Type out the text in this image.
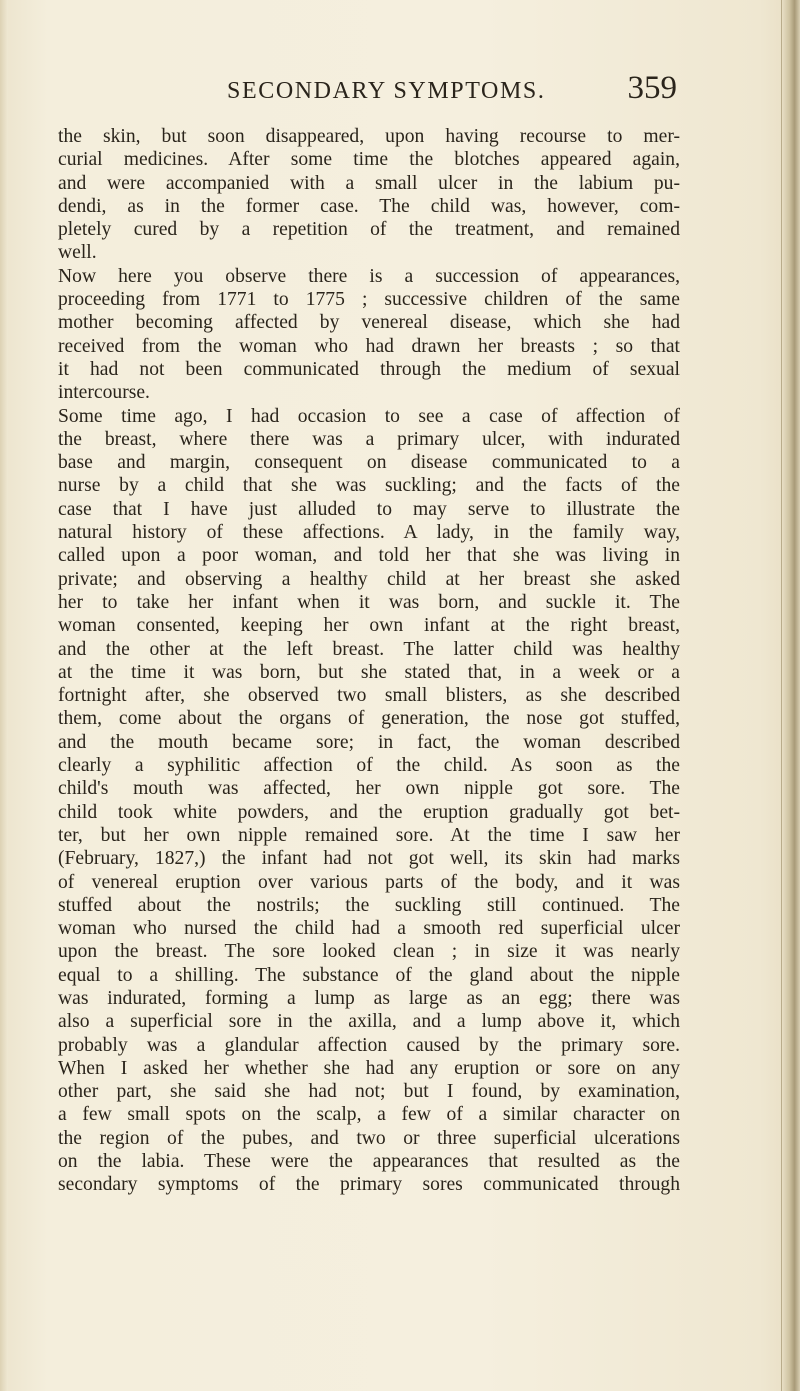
SECONDARY SYMPTOMS. 359
the skin, but soon disappeared, upon having recourse to mer-
curial medicines. After some time the blotches appeared again,
and were accompanied with a small ulcer in the labium pu-
dendi, as in the former case. The child was, however, com-
pletely cured by a repetition of the treatment, and remained
well.
Now here you observe there is a succession of appearances,
proceeding from 1771 to 1775 ; successive children of the same
mother becoming affected by venereal disease, which she had
received from the woman who had drawn her breasts ; so that
it had not been communicated through the medium of sexual
intercourse.
Some time ago, I had occasion to see a case of affection of
the breast, where there was a primary ulcer, with indurated
base and margin, consequent on disease communicated to a
nurse by a child that she was suckling; and the facts of the
case that I have just alluded to may serve to illustrate the
natural history of these affections. A lady, in the family way,
called upon a poor woman, and told her that she was living in
private; and observing a healthy child at her breast she asked
her to take her infant when it was born, and suckle it. The
woman consented, keeping her own infant at the right breast,
and the other at the left breast. The latter child was healthy
at the time it was born, but she stated that, in a week or a
fortnight after, she observed two small blisters, as she described
them, come about the organs of generation, the nose got stuffed,
and the mouth became sore; in fact, the woman described
clearly a syphilitic affection of the child. As soon as the
child's mouth was affected, her own nipple got sore. The
child took white powders, and the eruption gradually got bet-
ter, but her own nipple remained sore. At the time I saw her
(February, 1827,) the infant had not got well, its skin had marks
of venereal eruption over various parts of the body, and it was
stuffed about the nostrils; the suckling still continued. The
woman who nursed the child had a smooth red superficial ulcer
upon the breast. The sore looked clean ; in size it was nearly
equal to a shilling. The substance of the gland about the nipple
was indurated, forming a lump as large as an egg; there was
also a superficial sore in the axilla, and a lump above it, which
probably was a glandular affection caused by the primary sore.
When I asked her whether she had any eruption or sore on any
other part, she said she had not; but I found, by examination,
a few small spots on the scalp, a few of a similar character on
the region of the pubes, and two or three superficial ulcerations
on the labia. These were the appearances that resulted as the
secondary symptoms of the primary sores communicated through
